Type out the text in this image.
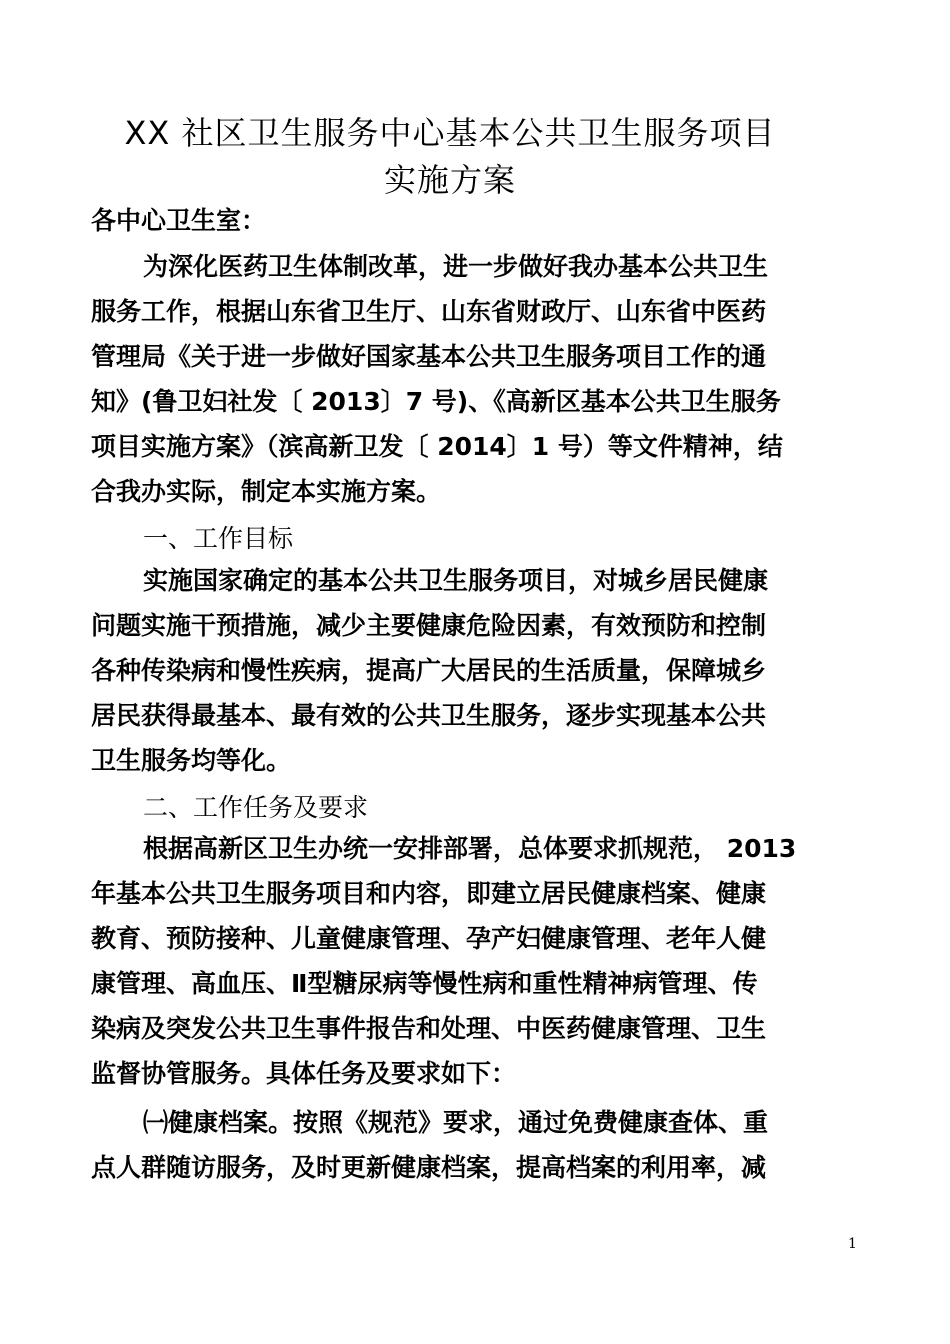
XX 社区卫生服务中心基本公共卫生服务项目
实施方案
各中心卫生室：
为深化医药卫生体制改革，进一步做好我办基本公共卫生
服务工作，根据山东省卫生厅、山东省财政厅、山东省中医药
管理局《关于进一步做好国家基本公共卫生服务项目工作的通
知》(鲁卫妇社发〔 2013〕7 号)、《高新区基本公共卫生服务
项目实施方案》（滨高新卫发〔 2014〕1 号）等文件精神，结
合我办实际，制定本实施方案。
一、工作目标
实施国家确定的基本公共卫生服务项目，对城乡居民健康
问题实施干预措施，减少主要健康危险因素，有效预防和控制
各种传染病和慢性疾病，提高广大居民的生活质量，保障城乡
居民获得最基本、最有效的公共卫生服务，逐步实现基本公共
卫生服务均等化。
二、工作任务及要求
根据高新区卫生办统一安排部署，总体要求抓规范， 2013
年基本公共卫生服务项目和内容，即建立居民健康档案、健康
教育、预防接种、儿童健康管理、孕产妇健康管理、老年人健
康管理、高血压、Ⅱ型糖尿病等慢性病和重性精神病管理、传
染病及突发公共卫生事件报告和处理、中医药健康管理、卫生
监督协管服务。具体任务及要求如下：
㈠健康档案。按照《规范》要求，通过免费健康查体、重
点人群随访服务，及时更新健康档案，提高档案的利用率，减
1
